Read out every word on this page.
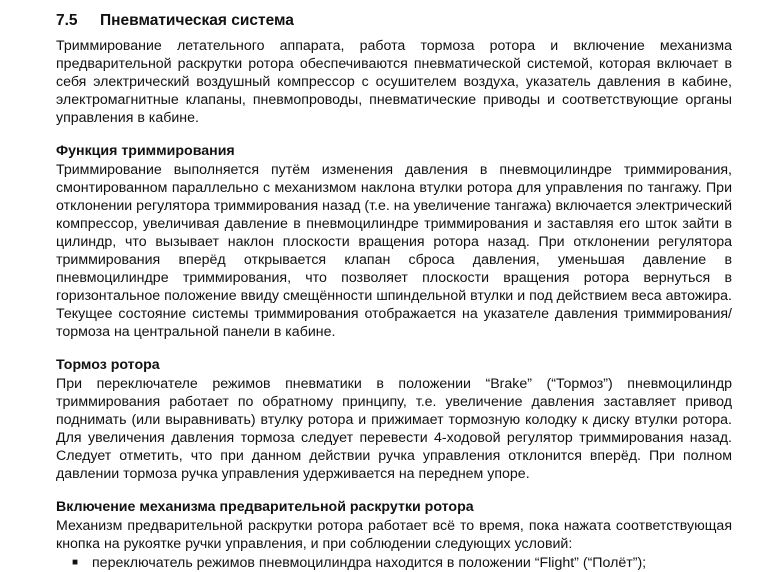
7.5	Пневматическая система

Триммирование летательного аппарата, работа тормоза ротора и включение механизма предварительной раскрутки ротора обеспечиваются пневматической системой, которая включает в себя электрический воздушный компрессор с осушителем воздуха, указатель давления в кабине, электромагнитные клапаны, пневмопроводы, пневматические приводы и соответствующие органы управления в кабине.

Функция триммирования

Триммирование выполняется путём изменения давления в пневмоцилиндре триммирования, смонтированном параллельно с механизмом наклона втулки ротора для управления по тангажу. При отклонении регулятора триммирования назад (т.е. на увеличение тангажа) включается электрический компрессор, увеличивая давление в пневмоцилиндре триммирования и заставляя его шток зайти в цилиндр, что вызывает наклон плоскости вращения ротора назад. При отклонении регулятора триммирования вперёд открывается клапан сброса давления, уменьшая давление в пневмоцилиндре триммирования, что позволяет плоскости вращения ротора вернуться в горизонтальное положение ввиду смещённости шпиндельной втулки и под действием веса автожира. Текущее состояние системы триммирования отображается на указателе давления триммирования/тормоза на центральной панели в кабине.

Тормоз ротора

При переключателе режимов пневматики в положении “Brake” (“Тормоз”) пневмоцилиндр триммирования работает по обратному принципу, т.е. увеличение давления заставляет привод поднимать (или выравнивать) втулку ротора и прижимает тормозную колодку к диску втулки ротора. Для увеличения давления тормоза следует перевести 4-ходовой регулятор триммирования назад. Следует отметить, что при данном действии ручка управления отклонится вперёд. При полном давлении тормоза ручка управления удерживается на переднем упоре.

Включение механизма предварительной раскрутки ротора

Механизм предварительной раскрутки ротора работает всё то время, пока нажата соответствующая кнопка на рукоятке ручки управления, и при соблюдении следующих условий:

■ переключатель режимов пневмоцилиндра находится в положении “Flight” (“Полёт”);
